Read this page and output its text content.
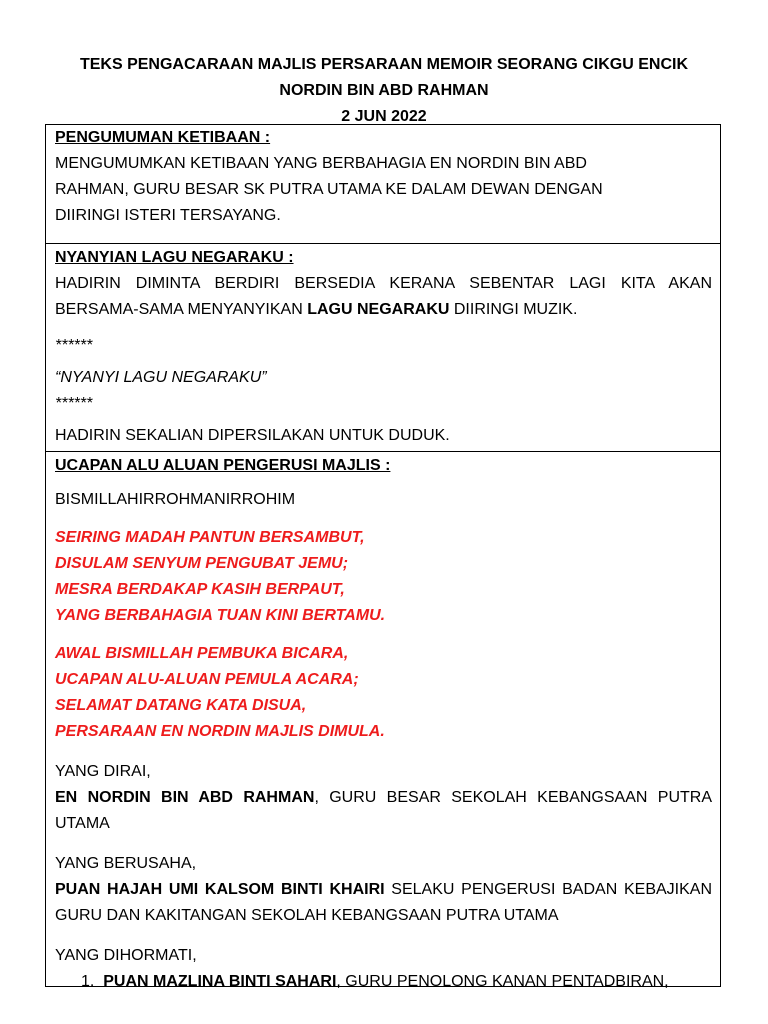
TEKS PENGACARAAN MAJLIS PERSARAAN MEMOIR SEORANG CIKGU ENCIK
NORDIN BIN ABD RAHMAN
2 JUN 2022
PENGUMUMAN KETIBAAN :

MENGUMUMKAN KETIBAAN YANG BERBAHAGIA EN NORDIN BIN ABD RAHMAN, GURU BESAR SK PUTRA UTAMA KE DALAM DEWAN DENGAN DIIRINGI ISTERI TERSAYANG.

NYANYIAN LAGU NEGARAKU :

HADIRIN DIMINTA BERDIRI BERSEDIA KERANA SEBENTAR LAGI KITA AKAN BERSAMA-SAMA MENYANYIKAN LAGU NEGARAKU DIIRINGI MUZIK.

******

“NYANYI LAGU NEGARAKU”

******

HADIRIN SEKALIAN DIPERSILAKAN UNTUK DUDUK.

UCAPAN ALU ALUAN PENGERUSI MAJLIS :

BISMILLAHIRROHMANIRROHIM

SEIRING MADAH PANTUN BERSAMBUT,

DISULAM SENYUM PENGUBAT JEMU;

MESRA BERDAKAP KASIH BERPAUT,

YANG BERBAHAGIA TUAN KINI BERTAMU.

AWAL BISMILLAH PEMBUKA BICARA,

UCAPAN ALU-ALUAN PEMULA ACARA;

SELAMAT DATANG KATA DISUA,

PERSARAAN EN NORDIN MAJLIS DIMULA.

YANG DIRAI,

EN NORDIN BIN ABD RAHMAN, GURU BESAR SEKOLAH KEBANGSAAN PUTRA UTAMA

YANG BERUSAHA,

PUAN HAJAH UMI KALSOM BINTI KHAIRI SELAKU PENGERUSI BADAN KEBAJIKAN GURU DAN KAKITANGAN SEKOLAH KEBANGSAAN PUTRA UTAMA

YANG DIHORMATI,

1. PUAN MAZLINA BINTI SAHARI, GURU PENOLONG KANAN PENTADBIRAN,
